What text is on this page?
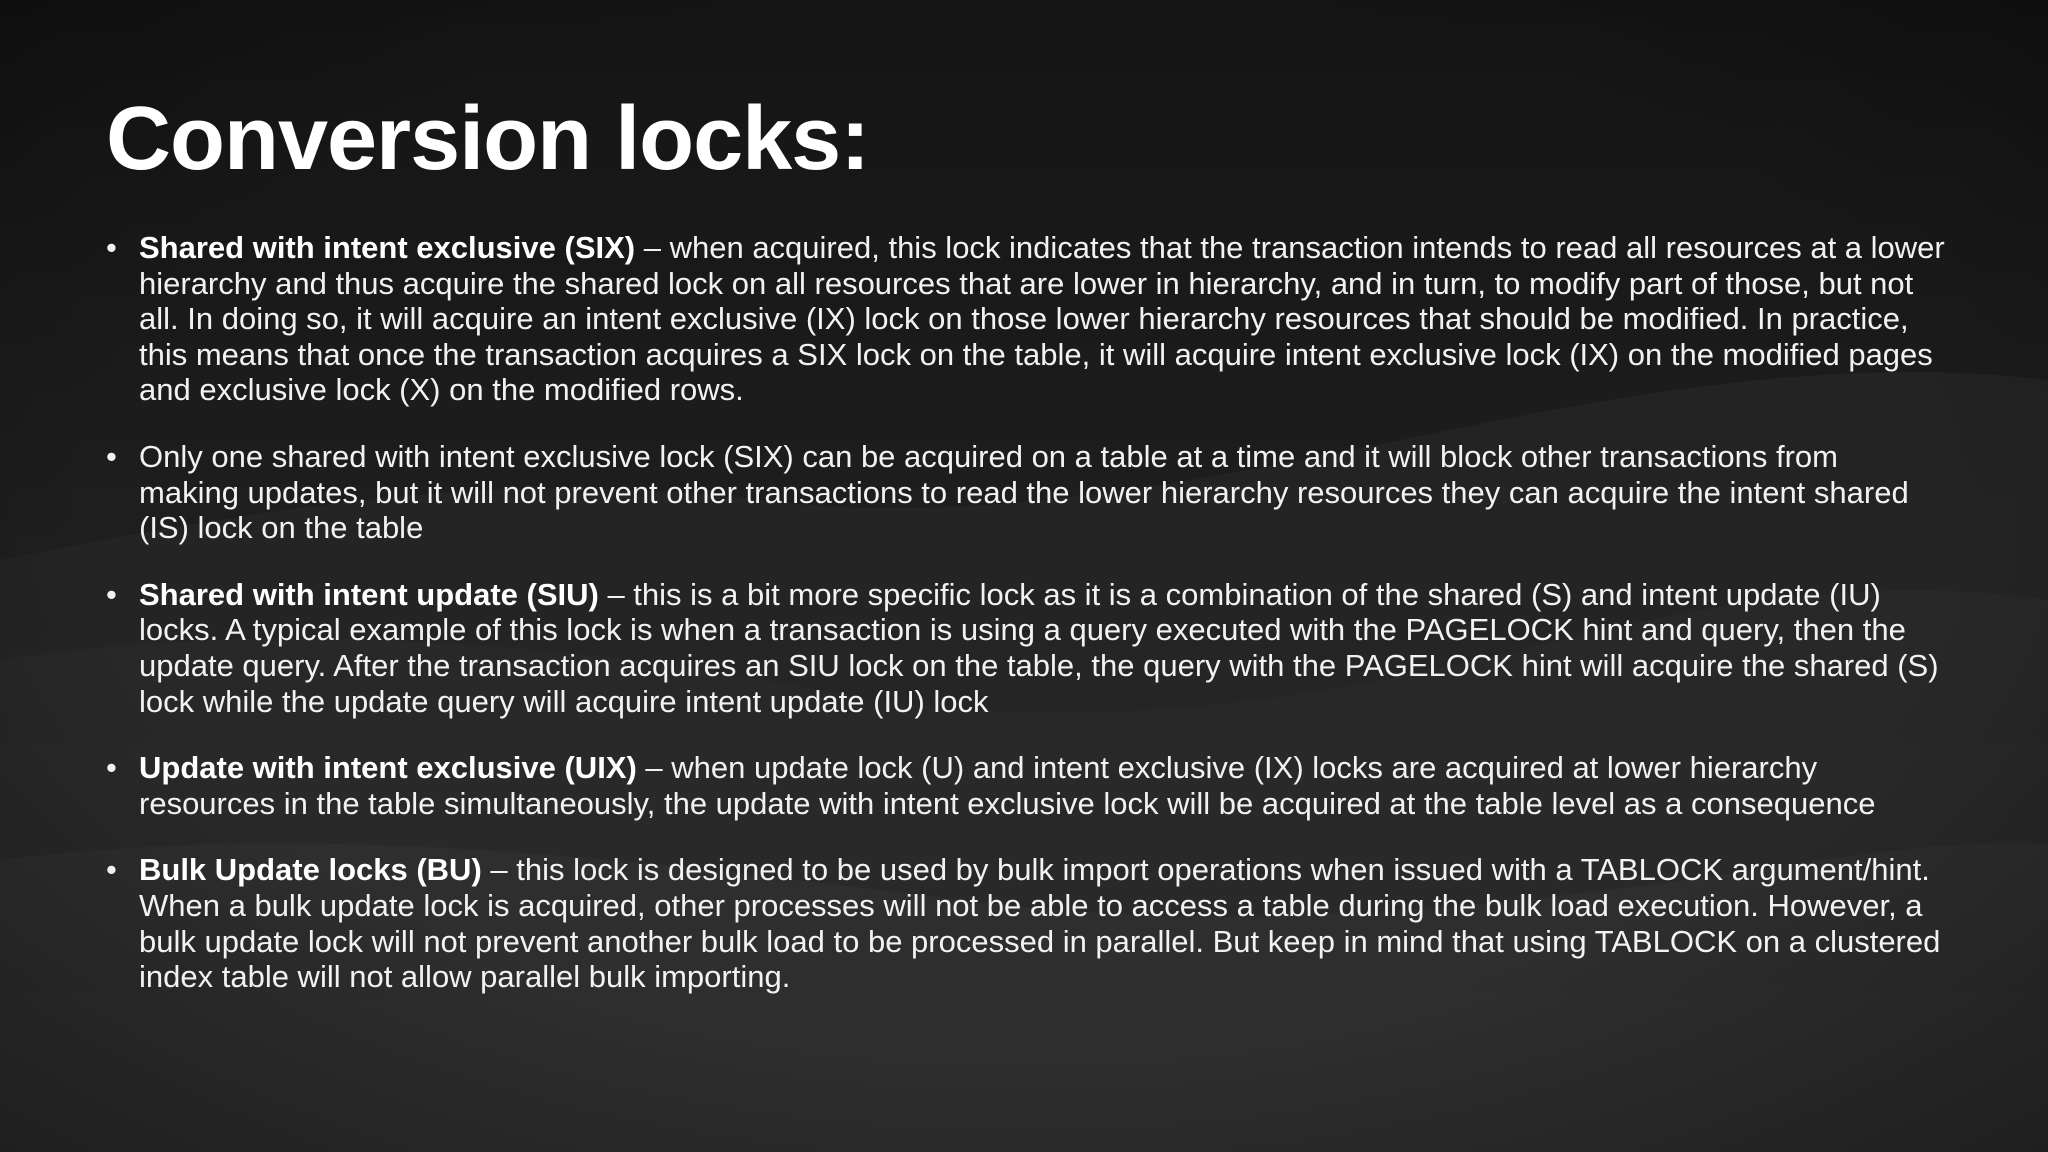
Conversion locks:
• Shared with intent exclusive (SIX) – when acquired, this lock indicates that the transaction intends to read all resources at a lower hierarchy and thus acquire the shared lock on all resources that are lower in hierarchy, and in turn, to modify part of those, but not all. In doing so, it will acquire an intent exclusive (IX) lock on those lower hierarchy resources that should be modified. In practice, this means that once the transaction acquires a SIX lock on the table, it will acquire intent exclusive lock (IX) on the modified pages and exclusive lock (X) on the modified rows.
• Only one shared with intent exclusive lock (SIX) can be acquired on a table at a time and it will block other transactions from making updates, but it will not prevent other transactions to read the lower hierarchy resources they can acquire the intent shared (IS) lock on the table
• Shared with intent update (SIU) – this is a bit more specific lock as it is a combination of the shared (S) and intent update (IU) locks. A typical example of this lock is when a transaction is using a query executed with the PAGELOCK hint and query, then the update query. After the transaction acquires an SIU lock on the table, the query with the PAGELOCK hint will acquire the shared (S) lock while the update query will acquire intent update (IU) lock
• Update with intent exclusive (UIX) – when update lock (U) and intent exclusive (IX) locks are acquired at lower hierarchy resources in the table simultaneously, the update with intent exclusive lock will be acquired at the table level as a consequence
• Bulk Update locks (BU) – this lock is designed to be used by bulk import operations when issued with a TABLOCK argument/hint. When a bulk update lock is acquired, other processes will not be able to access a table during the bulk load execution. However, a bulk update lock will not prevent another bulk load to be processed in parallel. But keep in mind that using TABLOCK on a clustered index table will not allow parallel bulk importing.
